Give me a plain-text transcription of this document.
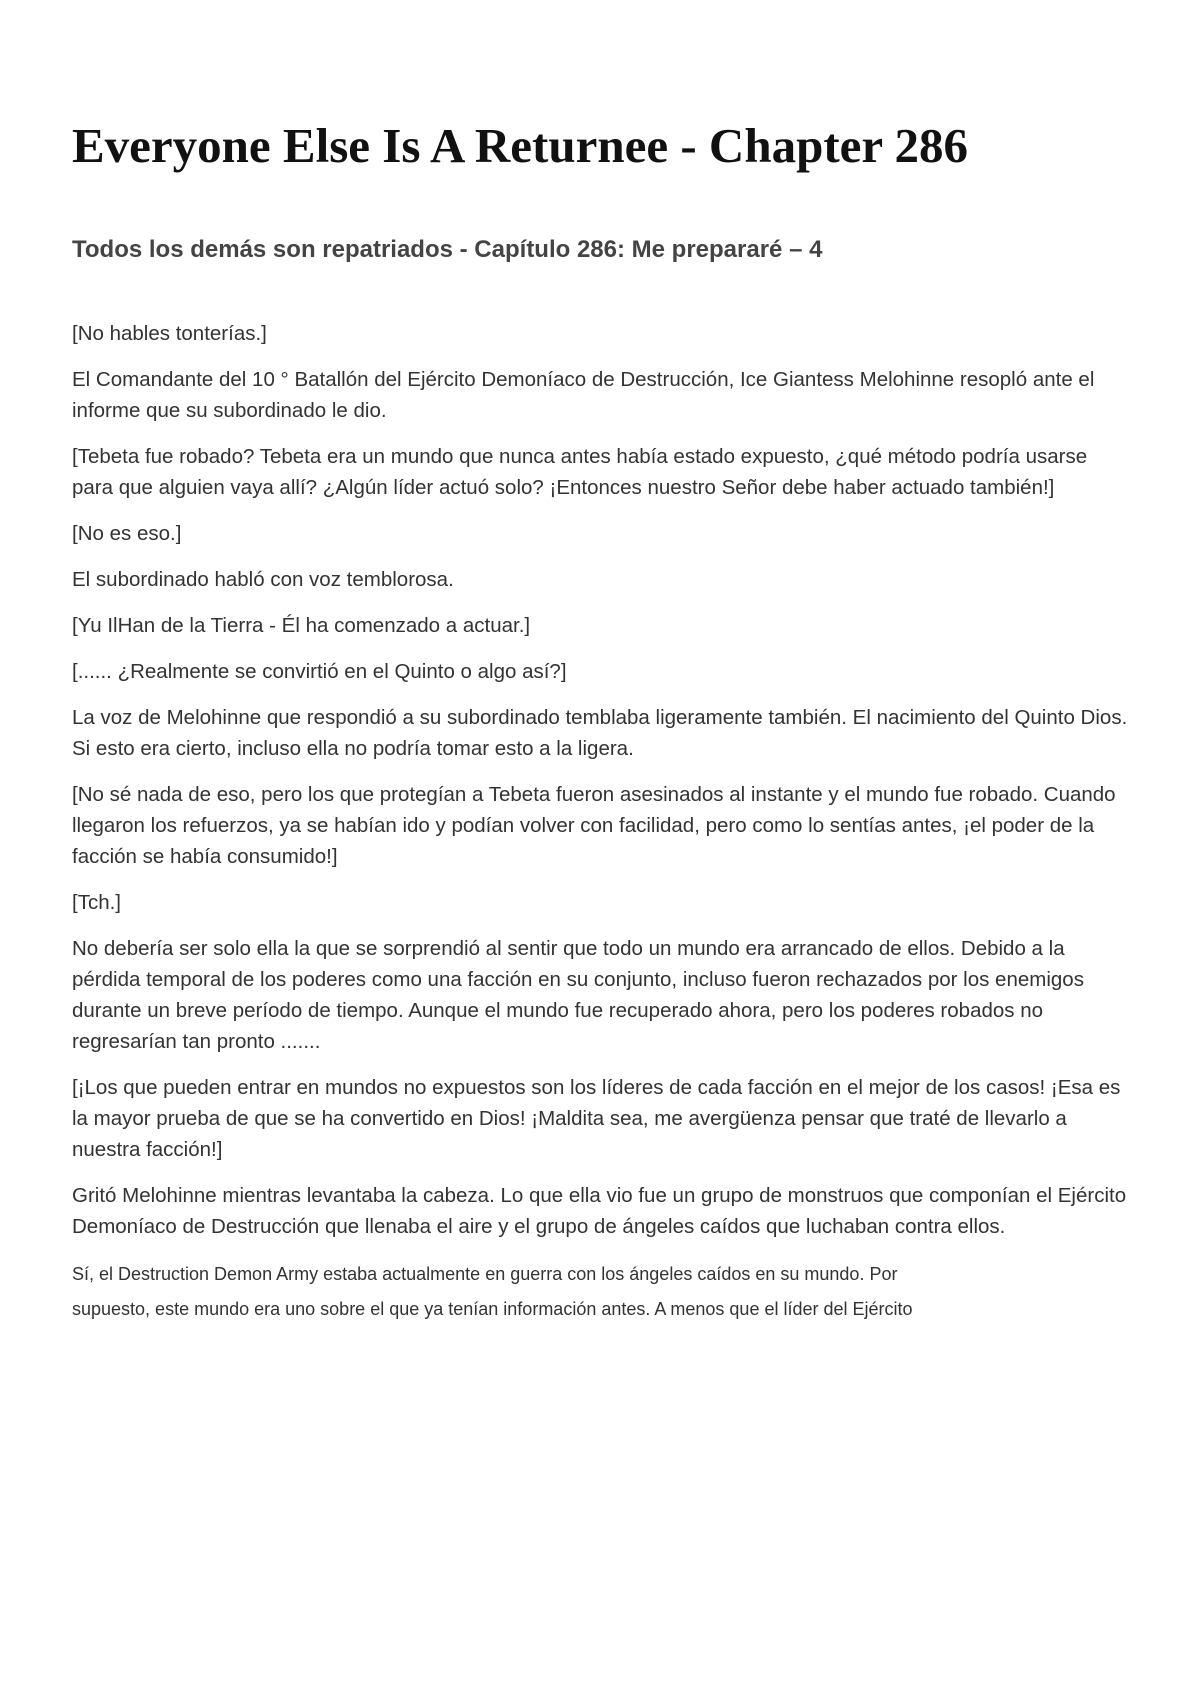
Everyone Else Is A Returnee - Chapter 286
Todos los demás son repatriados - Capítulo 286: Me prepararé – 4

[No hables tonterías.]

El Comandante del 10 ° Batallón del Ejército Demoníaco de Destrucción, Ice Giantess Melohinne resopló ante el informe que su subordinado le dio.

[Tebeta fue robado? Tebeta era un mundo que nunca antes había estado expuesto, ¿qué método podría usarse para que alguien vaya allí? ¿Algún líder actuó solo? ¡Entonces nuestro Señor debe haber actuado también!]

[No es eso.]

El subordinado habló con voz temblorosa.

[Yu IlHan de la Tierra - Él ha comenzado a actuar.]

[...... ¿Realmente se convirtió en el Quinto o algo así?]

La voz de Melohinne que respondió a su subordinado temblaba ligeramente también. El nacimiento del Quinto Dios. Si esto era cierto, incluso ella no podría tomar esto a la ligera.

[No sé nada de eso, pero los que protegían a Tebeta fueron asesinados al instante y el mundo fue robado. Cuando llegaron los refuerzos, ya se habían ido y podían volver con facilidad, pero como lo sentías antes, ¡el poder de la facción se había consumido!]

[Tch.]

No debería ser solo ella la que se sorprendió al sentir que todo un mundo era arrancado de ellos. Debido a la pérdida temporal de los poderes como una facción en su conjunto, incluso fueron rechazados por los enemigos durante un breve período de tiempo. Aunque el mundo fue recuperado ahora, pero los poderes robados no regresarían tan pronto .......

[¡Los que pueden entrar en mundos no expuestos son los líderes de cada facción en el mejor de los casos! ¡Esa es la mayor prueba de que se ha convertido en Dios! ¡Maldita sea, me avergüenza pensar que traté de llevarlo a nuestra facción!]

Gritó Melohinne mientras levantaba la cabeza. Lo que ella vio fue un grupo de monstruos que componían el Ejército Demoníaco de Destrucción que llenaba el aire y el grupo de ángeles caídos que luchaban contra ellos.

Sí, el Destruction Demon Army estaba actualmente en guerra con los ángeles caídos en su mundo. Por

supuesto, este mundo era uno sobre el que ya tenían información antes. A menos que el líder del Ejército
